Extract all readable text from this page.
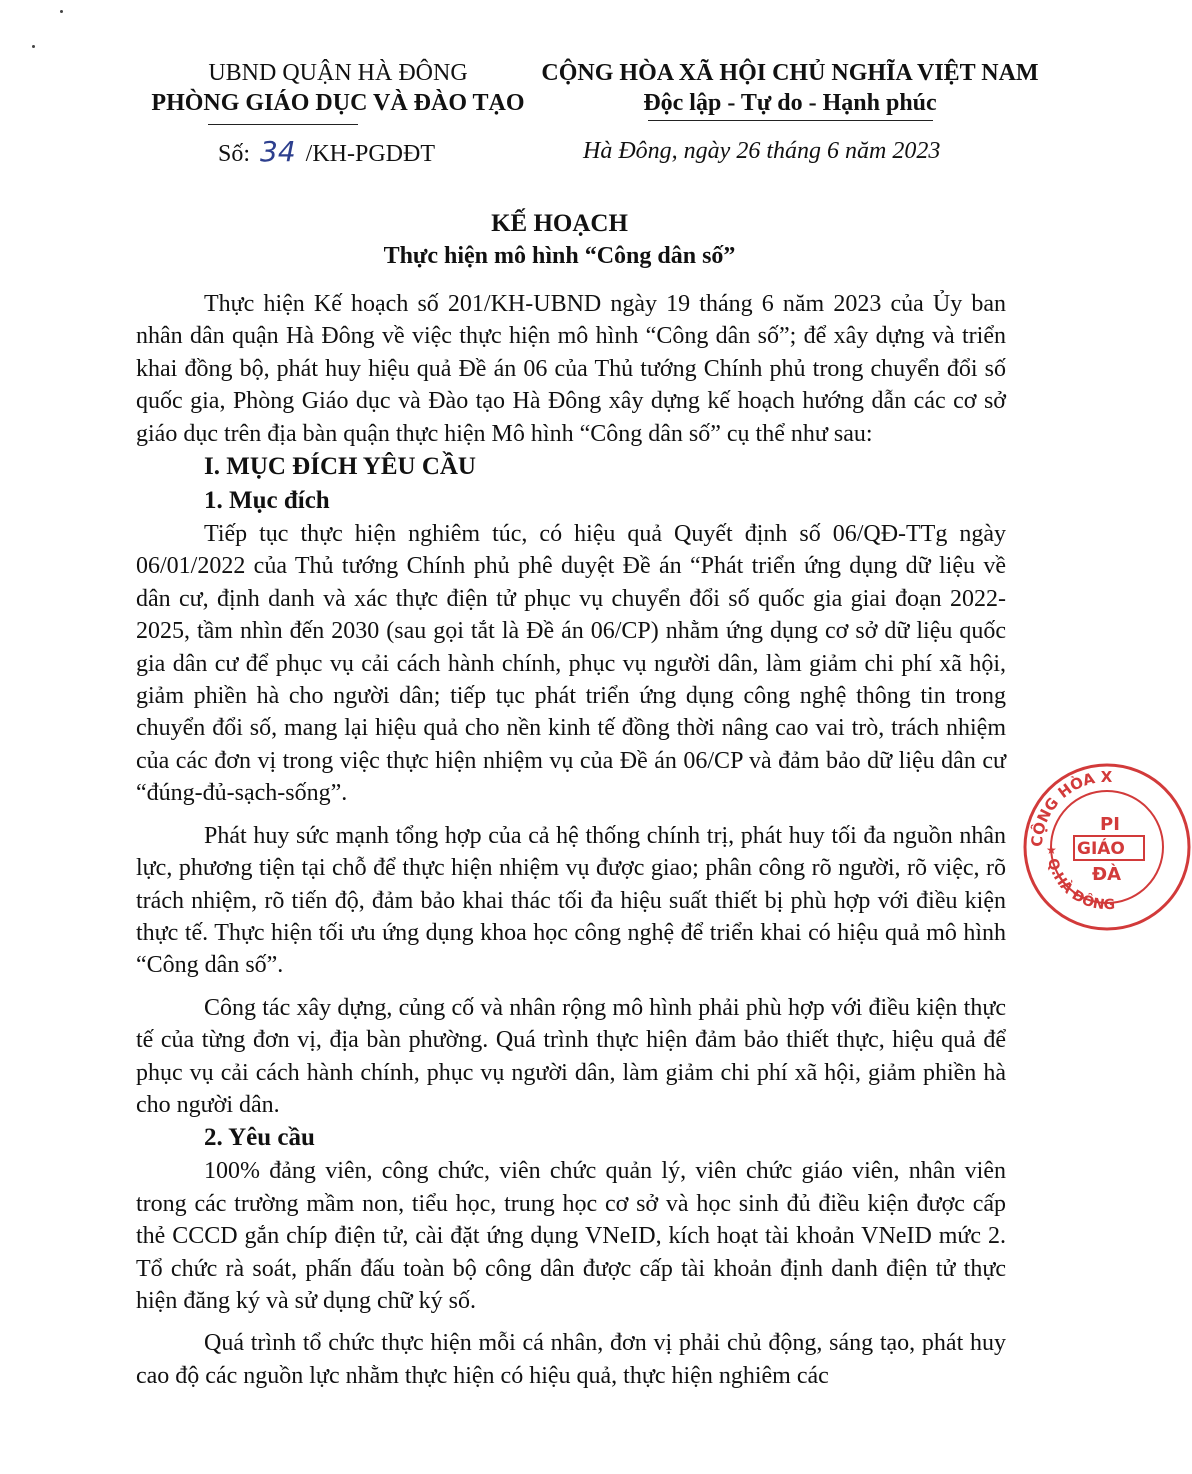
UBND QUẬN HÀ ĐÔNG
PHÒNG GIÁO DỤC VÀ ĐÀO TẠO
CỘNG HÒA XÃ HỘI CHỦ NGHĨA VIỆT NAM
Độc lập - Tự do - Hạnh phúc
Số: 34 /KH-PGDĐT	Hà Đông, ngày 26 tháng 6 năm 2023
KẾ HOẠCH
Thực hiện mô hình “Công dân số”

Thực hiện Kế hoạch số 201/KH-UBND ngày 19 tháng 6 năm 2023 của Ủy ban nhân dân quận Hà Đông về việc thực hiện mô hình “Công dân số”; để xây dựng và triển khai đồng bộ, phát huy hiệu quả Đề án 06 của Thủ tướng Chính phủ trong chuyển đổi số quốc gia, Phòng Giáo dục và Đào tạo Hà Đông xây dựng kế hoạch hướng dẫn các cơ sở giáo dục trên địa bàn quận thực hiện Mô hình “Công dân số” cụ thể như sau:

I. MỤC ĐÍCH YÊU CẦU

1. Mục đích

Tiếp tục thực hiện nghiêm túc, có hiệu quả Quyết định số 06/QĐ-TTg ngày 06/01/2022 của Thủ tướng Chính phủ phê duyệt Đề án “Phát triển ứng dụng dữ liệu về dân cư, định danh và xác thực điện tử phục vụ chuyển đổi số quốc gia giai đoạn 2022-2025, tầm nhìn đến 2030 (sau gọi tắt là Đề án 06/CP) nhằm ứng dụng cơ sở dữ liệu quốc gia dân cư để phục vụ cải cách hành chính, phục vụ người dân, làm giảm chi phí xã hội, giảm phiền hà cho người dân; tiếp tục phát triển ứng dụng công nghệ thông tin trong chuyển đổi số, mang lại hiệu quả cho nền kinh tế đồng thời nâng cao vai trò, trách nhiệm của các đơn vị trong việc thực hiện nhiệm vụ của Đề án 06/CP và đảm bảo dữ liệu dân cư “đúng-đủ-sạch-sống”.

Phát huy sức mạnh tổng hợp của cả hệ thống chính trị, phát huy tối đa nguồn nhân lực, phương tiện tại chỗ để thực hiện nhiệm vụ được giao; phân công rõ người, rõ việc, rõ trách nhiệm, rõ tiến độ, đảm bảo khai thác tối đa hiệu suất thiết bị phù hợp với điều kiện thực tế. Thực hiện tối ưu ứng dụng khoa học công nghệ để triển khai có hiệu quả mô hình “Công dân số”.

Công tác xây dựng, củng cố và nhân rộng mô hình phải phù hợp với điều kiện thực tế của từng đơn vị, địa bàn phường. Quá trình thực hiện đảm bảo thiết thực, hiệu quả để phục vụ cải cách hành chính, phục vụ người dân, làm giảm chi phí xã hội, giảm phiền hà cho người dân.

2. Yêu cầu

100% đảng viên, công chức, viên chức quản lý, viên chức giáo viên, nhân viên trong các trường mầm non, tiểu học, trung học cơ sở và học sinh đủ điều kiện được cấp thẻ CCCD gắn chíp điện tử, cài đặt ứng dụng VNeID, kích hoạt tài khoản VNeID mức 2. Tổ chức rà soát, phấn đấu toàn bộ công dân được cấp tài khoản định danh điện tử thực hiện đăng ký và sử dụng chữ ký số.

Quá trình tổ chức thực hiện mỗi cá nhân, đơn vị phải chủ động, sáng tạo, phát huy cao độ các nguồn lực nhằm thực hiện có hiệu quả, thực hiện nghiêm các

CỘNG HÒA X
Q.HÀ ĐÔNG
★
PI
GIÁO
ĐÀ
